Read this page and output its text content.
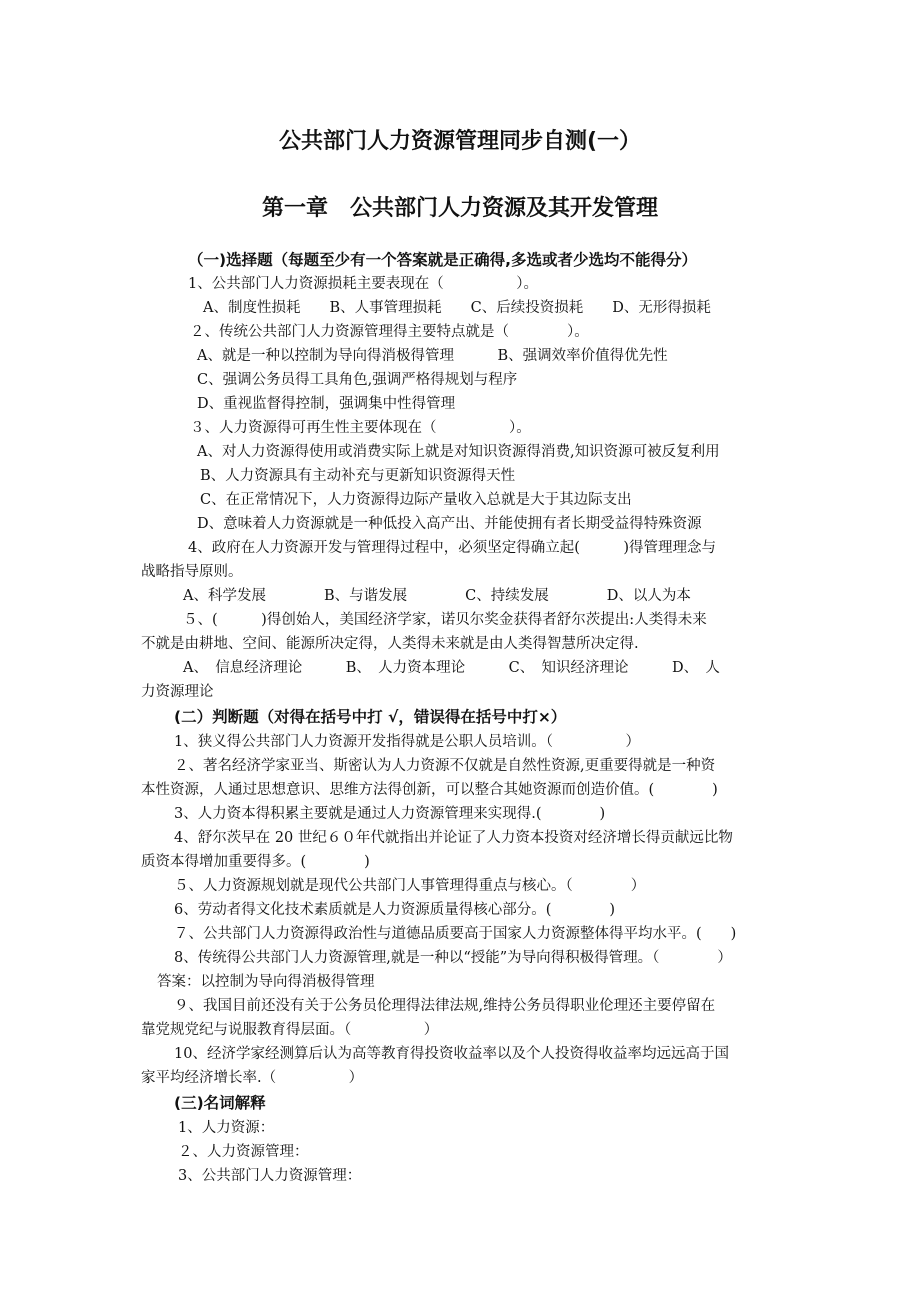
公共部门人力资源管理同步自测(一）
第一章　公共部门人力资源及其开发管理
（一)选择题（每题至少有一个答案就是正确得,多选或者少选均不能得分）
1、公共部门人力资源损耗主要表现在（　　　　　）。
A、制度性损耗　　B、人事管理损耗　　C、后续投资损耗　　D、无形得损耗
２、传统公共部门人力资源管理得主要特点就是（　　　　）。
A、就是一种以控制为导向得消极得管理　　　B、强调效率价值得优先性
C、强调公务员得工具角色,强调严格得规划与程序
D、重视监督得控制，强调集中性得管理
３、人力资源得可再生性主要体现在（　　　　　）。
A、对人力资源得使用或消费实际上就是对知识资源得消费,知识资源可被反复利用
B、人力资源具有主动补充与更新知识资源得天性
C、在正常情况下，人力资源得边际产量收入总就是大于其边际支出
D、意味着人力资源就是一种低投入高产出、并能使拥有者长期受益得特殊资源
4、政府在人力资源开发与管理得过程中，必须坚定得确立起(　　　)得管理理念与
战略指导原则。
A、科学发展　　　　B、与谐发展　　　　C、持续发展　　　　D、以人为本
５、(　　　)得创始人，美国经济学家，诺贝尔奖金获得者舒尔茨提出:人类得未来
不就是由耕地、空间、能源所决定得，人类得未来就是由人类得智慧所决定得.
A、　信息经济理论　　　B、　人力资本理论　　　C、　知识经济理论　　　D、　人
力资源理论
(二）判断题（对得在括号中打 √，错误得在括号中打×）
1、狭义得公共部门人力资源开发指得就是公职人员培训。（　　　　　）
２、著名经济学家亚当、斯密认为人力资源不仅就是自然性资源,更重要得就是一种资
本性资源，人通过思想意识、思维方法得创新，可以整合其她资源而创造价值。(　　　　)
3、人力资本得积累主要就是通过人力资源管理来实现得.(　　　　)
4、舒尔茨早在 20 世纪６０年代就指出并论证了人力资本投资对经济增长得贡献远比物
质资本得增加重要得多。(　　　　)
５、人力资源规划就是现代公共部门人事管理得重点与核心。（　　　　）
6、劳动者得文化技术素质就是人力资源质量得核心部分。(　　　　)
７、公共部门人力资源得政治性与道德品质要高于国家人力资源整体得平均水平。(　　)
8、传统得公共部门人力资源管理,就是一种以“授能”为导向得积极得管理。（　　　　）
答案：以控制为导向得消极得管理
９、我国目前还没有关于公务员伦理得法律法规,维持公务员得职业伦理还主要停留在
靠党规党纪与说服教育得层面。（　　　　　）
10、经济学家经测算后认为高等教育得投资收益率以及个人投资得收益率均远远高于国
家平均经济增长率.（　　　　　）
(三)名词解释
1、人力资源：
２、人力资源管理：
3、公共部门人力资源管理：
